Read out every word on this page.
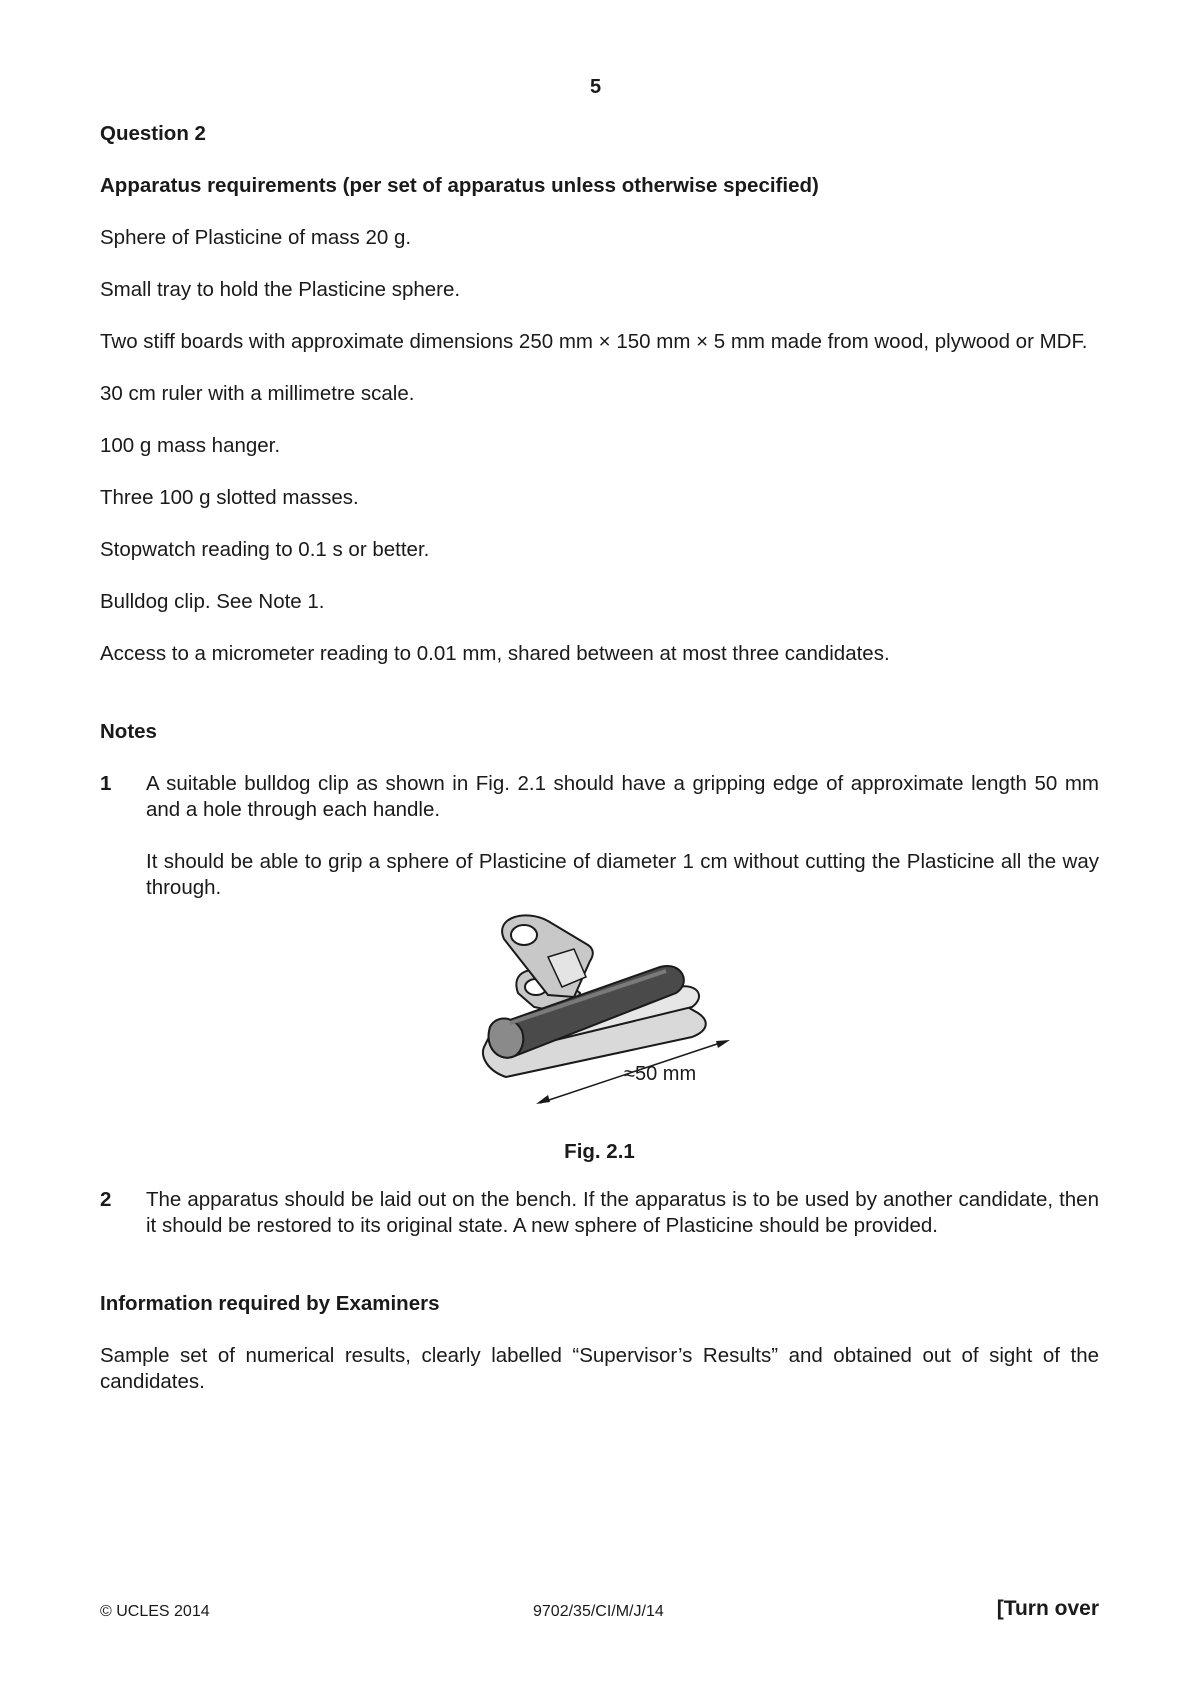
5

Question 2

Apparatus requirements (per set of apparatus unless otherwise specified)

Sphere of Plasticine of mass 20 g.

Small tray to hold the Plasticine sphere.

Two stiff boards with approximate dimensions 250 mm × 150 mm × 5 mm made from wood, plywood or MDF.

30 cm ruler with a millimetre scale.

100 g mass hanger.

Three 100 g slotted masses.

Stopwatch reading to 0.1 s or better.

Bulldog clip. See Note 1.

Access to a micrometer reading to 0.01 mm, shared between at most three candidates.

Notes

1	A suitable bulldog clip as shown in Fig. 2.1 should have a gripping edge of approximate length 50 mm and a hole through each handle.

It should be able to grip a sphere of Plasticine of diameter 1 cm without cutting the Plasticine all the way through.

≈50 mm
Fig. 2.1
2	The apparatus should be laid out on the bench. If the apparatus is to be used by another candidate, then it should be restored to its original state. A new sphere of Plasticine should be provided.

Information required by Examiners

Sample set of numerical results, clearly labelled “Supervisor’s Results” and obtained out of sight of the candidates.

© UCLES 2014	9702/35/CI/M/J/14	[Turn over
